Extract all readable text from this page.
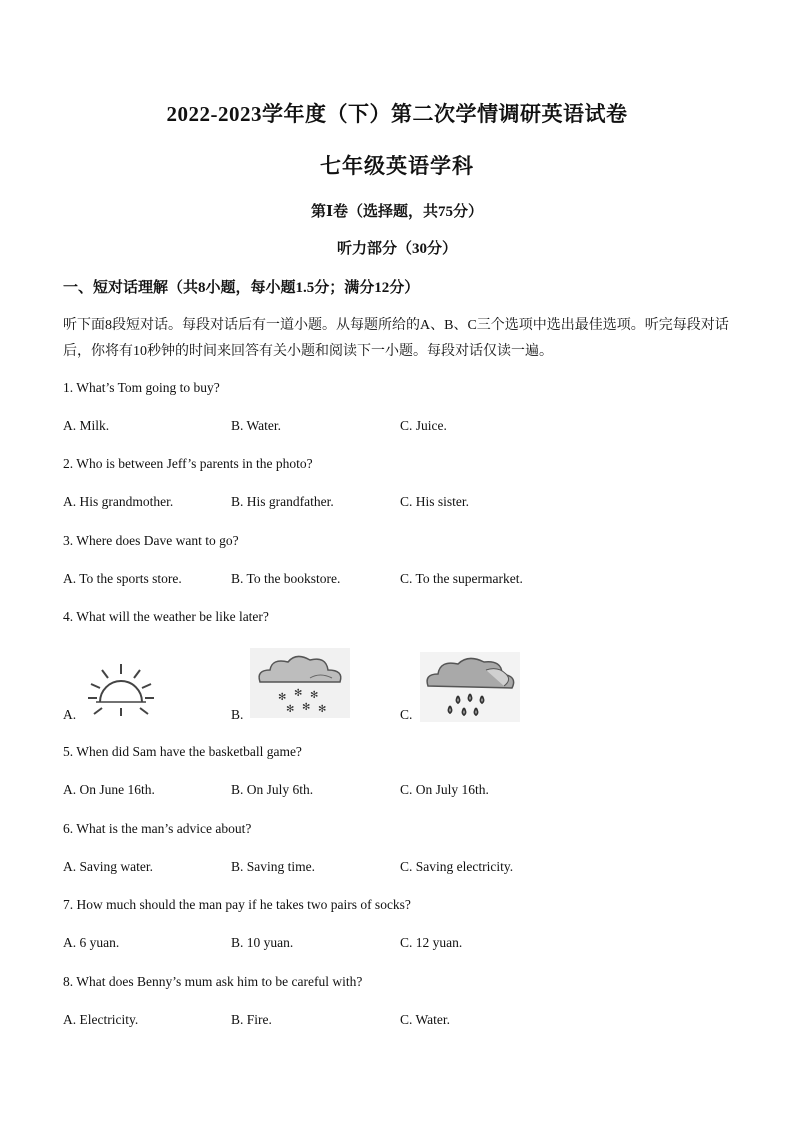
2022-2023学年度（下）第二次学情调研英语试卷
七年级英语学科
第Ⅰ卷（选择题，共75分）
听力部分（30分）
一、短对话理解（共8小题，每小题1.5分；满分12分）
听下面8段短对话。每段对话后有一道小题。从每题所给的A、B、C三个选项中选出最佳选项。听完每段对话后，你将有10秒钟的时间来回答有关小题和阅读下一小题。每段对话仅读一遍。
1. What’s Tom going to buy?
A. Milk.	B. Water.	C. Juice.
2. Who is between Jeff’s parents in the photo?
A. His grandmother.	B. His grandfather.	C. His sister.
3. Where does Dave want to go?
A. To the sports store.	B. To the bookstore.	C. To the supermarket.
4. What will the weather be like later?
✻ ✻ ✻
✻ ✻ ✻
A.	B.	C.
5. When did Sam have the basketball game?
A. On June 16th.	B. On July 6th.	C. On July 16th.
6. What is the man’s advice about?
A. Saving water.	B. Saving time.	C. Saving electricity.
7. How much should the man pay if he takes two pairs of socks?
A. 6 yuan.	B. 10 yuan.	C. 12 yuan.
8. What does Benny’s mum ask him to be careful with?
A. Electricity.	B. Fire.	C. Water.
